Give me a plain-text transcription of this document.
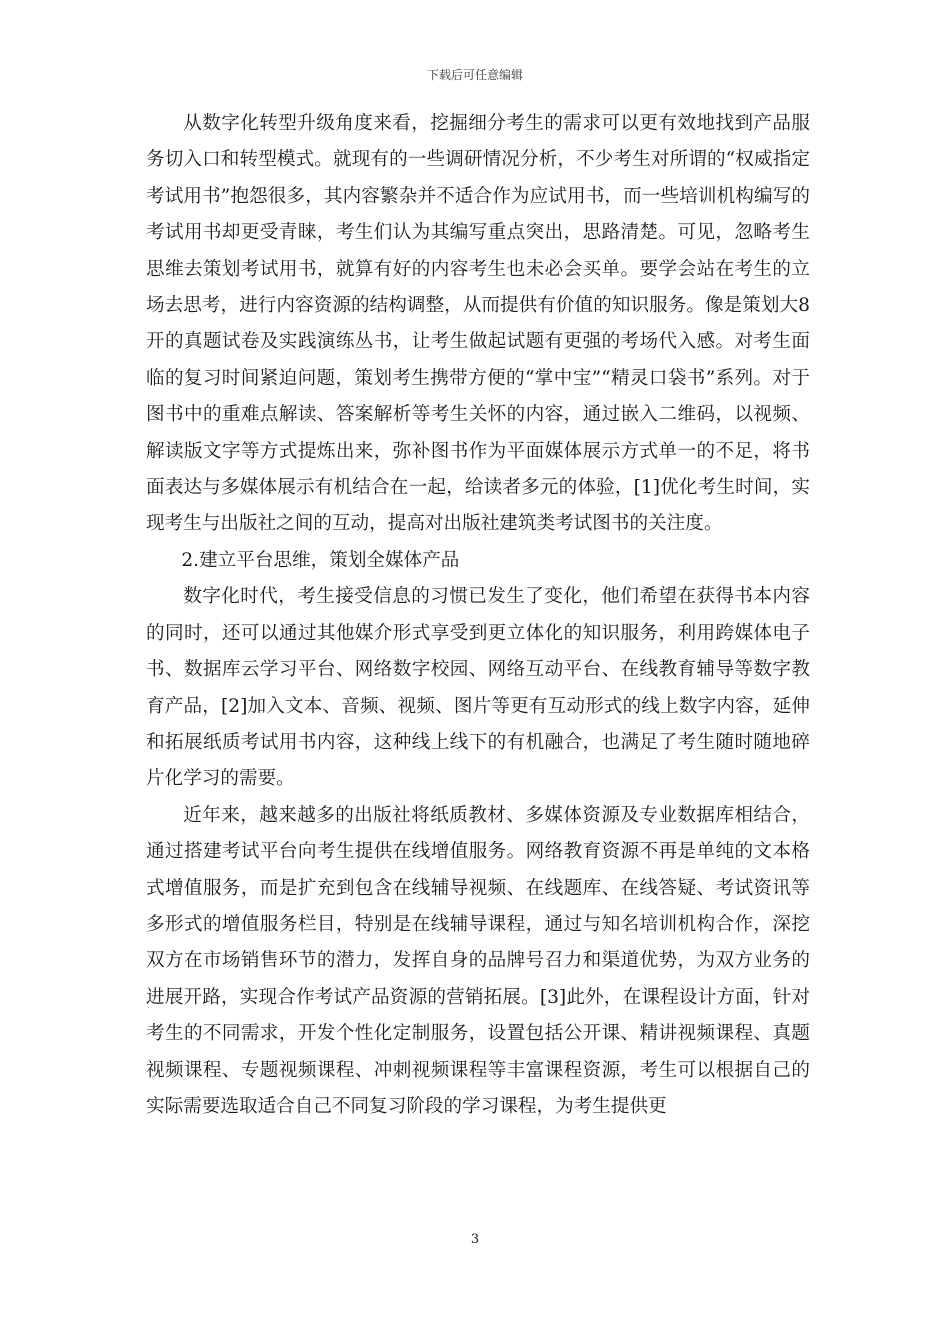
下载后可任意编辑

从数字化转型升级角度来看，挖掘细分考生的需求可以更有效地找到产品服务切入口和转型模式。就现有的一些调研情况分析，不少考生对所谓的“权威指定考试用书”抱怨很多，其内容繁杂并不适合作为应试用书，而一些培训机构编写的考试用书却更受青睐，考生们认为其编写重点突出，思路清楚。可见，忽略考生思维去策划考试用书，就算有好的内容考生也未必会买单。要学会站在考生的立场去思考，进行内容资源的结构调整，从而提供有价值的知识服务。像是策划大8开的真题试卷及实践演练丛书，让考生做起试题有更强的考场代入感。对考生面临的复习时间紧迫问题，策划考生携带方便的“掌中宝”“精灵口袋书”系列。对于图书中的重难点解读、答案解析等考生关怀的内容，通过嵌入二维码，以视频、解读版文字等方式提炼出来，弥补图书作为平面媒体展示方式单一的不足，将书面表达与多媒体展示有机结合在一起，给读者多元的体验，[1]优化考生时间，实现考生与出版社之间的互动，提高对出版社建筑类考试图书的关注度。

2.建立平台思维，策划全媒体产品

数字化时代，考生接受信息的习惯已发生了变化，他们希望在获得书本内容的同时，还可以通过其他媒介形式享受到更立体化的知识服务，利用跨媒体电子书、数据库云学习平台、网络数字校园、网络互动平台、在线教育辅导等数字教育产品，[2]加入文本、音频、视频、图片等更有互动形式的线上数字内容，延伸和拓展纸质考试用书内容，这种线上线下的有机融合，也满足了考生随时随地碎片化学习的需要。

近年来，越来越多的出版社将纸质教材、多媒体资源及专业数据库相结合，通过搭建考试平台向考生提供在线增值服务。网络教育资源不再是单纯的文本格式增值服务，而是扩充到包含在线辅导视频、在线题库、在线答疑、考试资讯等多形式的增值服务栏目，特别是在线辅导课程，通过与知名培训机构合作，深挖双方在市场销售环节的潜力，发挥自身的品牌号召力和渠道优势，为双方业务的进展开路，实现合作考试产品资源的营销拓展。[3]此外，在课程设计方面，针对考生的不同需求，开发个性化定制服务，设置包括公开课、精讲视频课程、真题视频课程、专题视频课程、冲刺视频课程等丰富课程资源，考生可以根据自己的实际需要选取适合自己不同复习阶段的学习课程，为考生提供更

3
